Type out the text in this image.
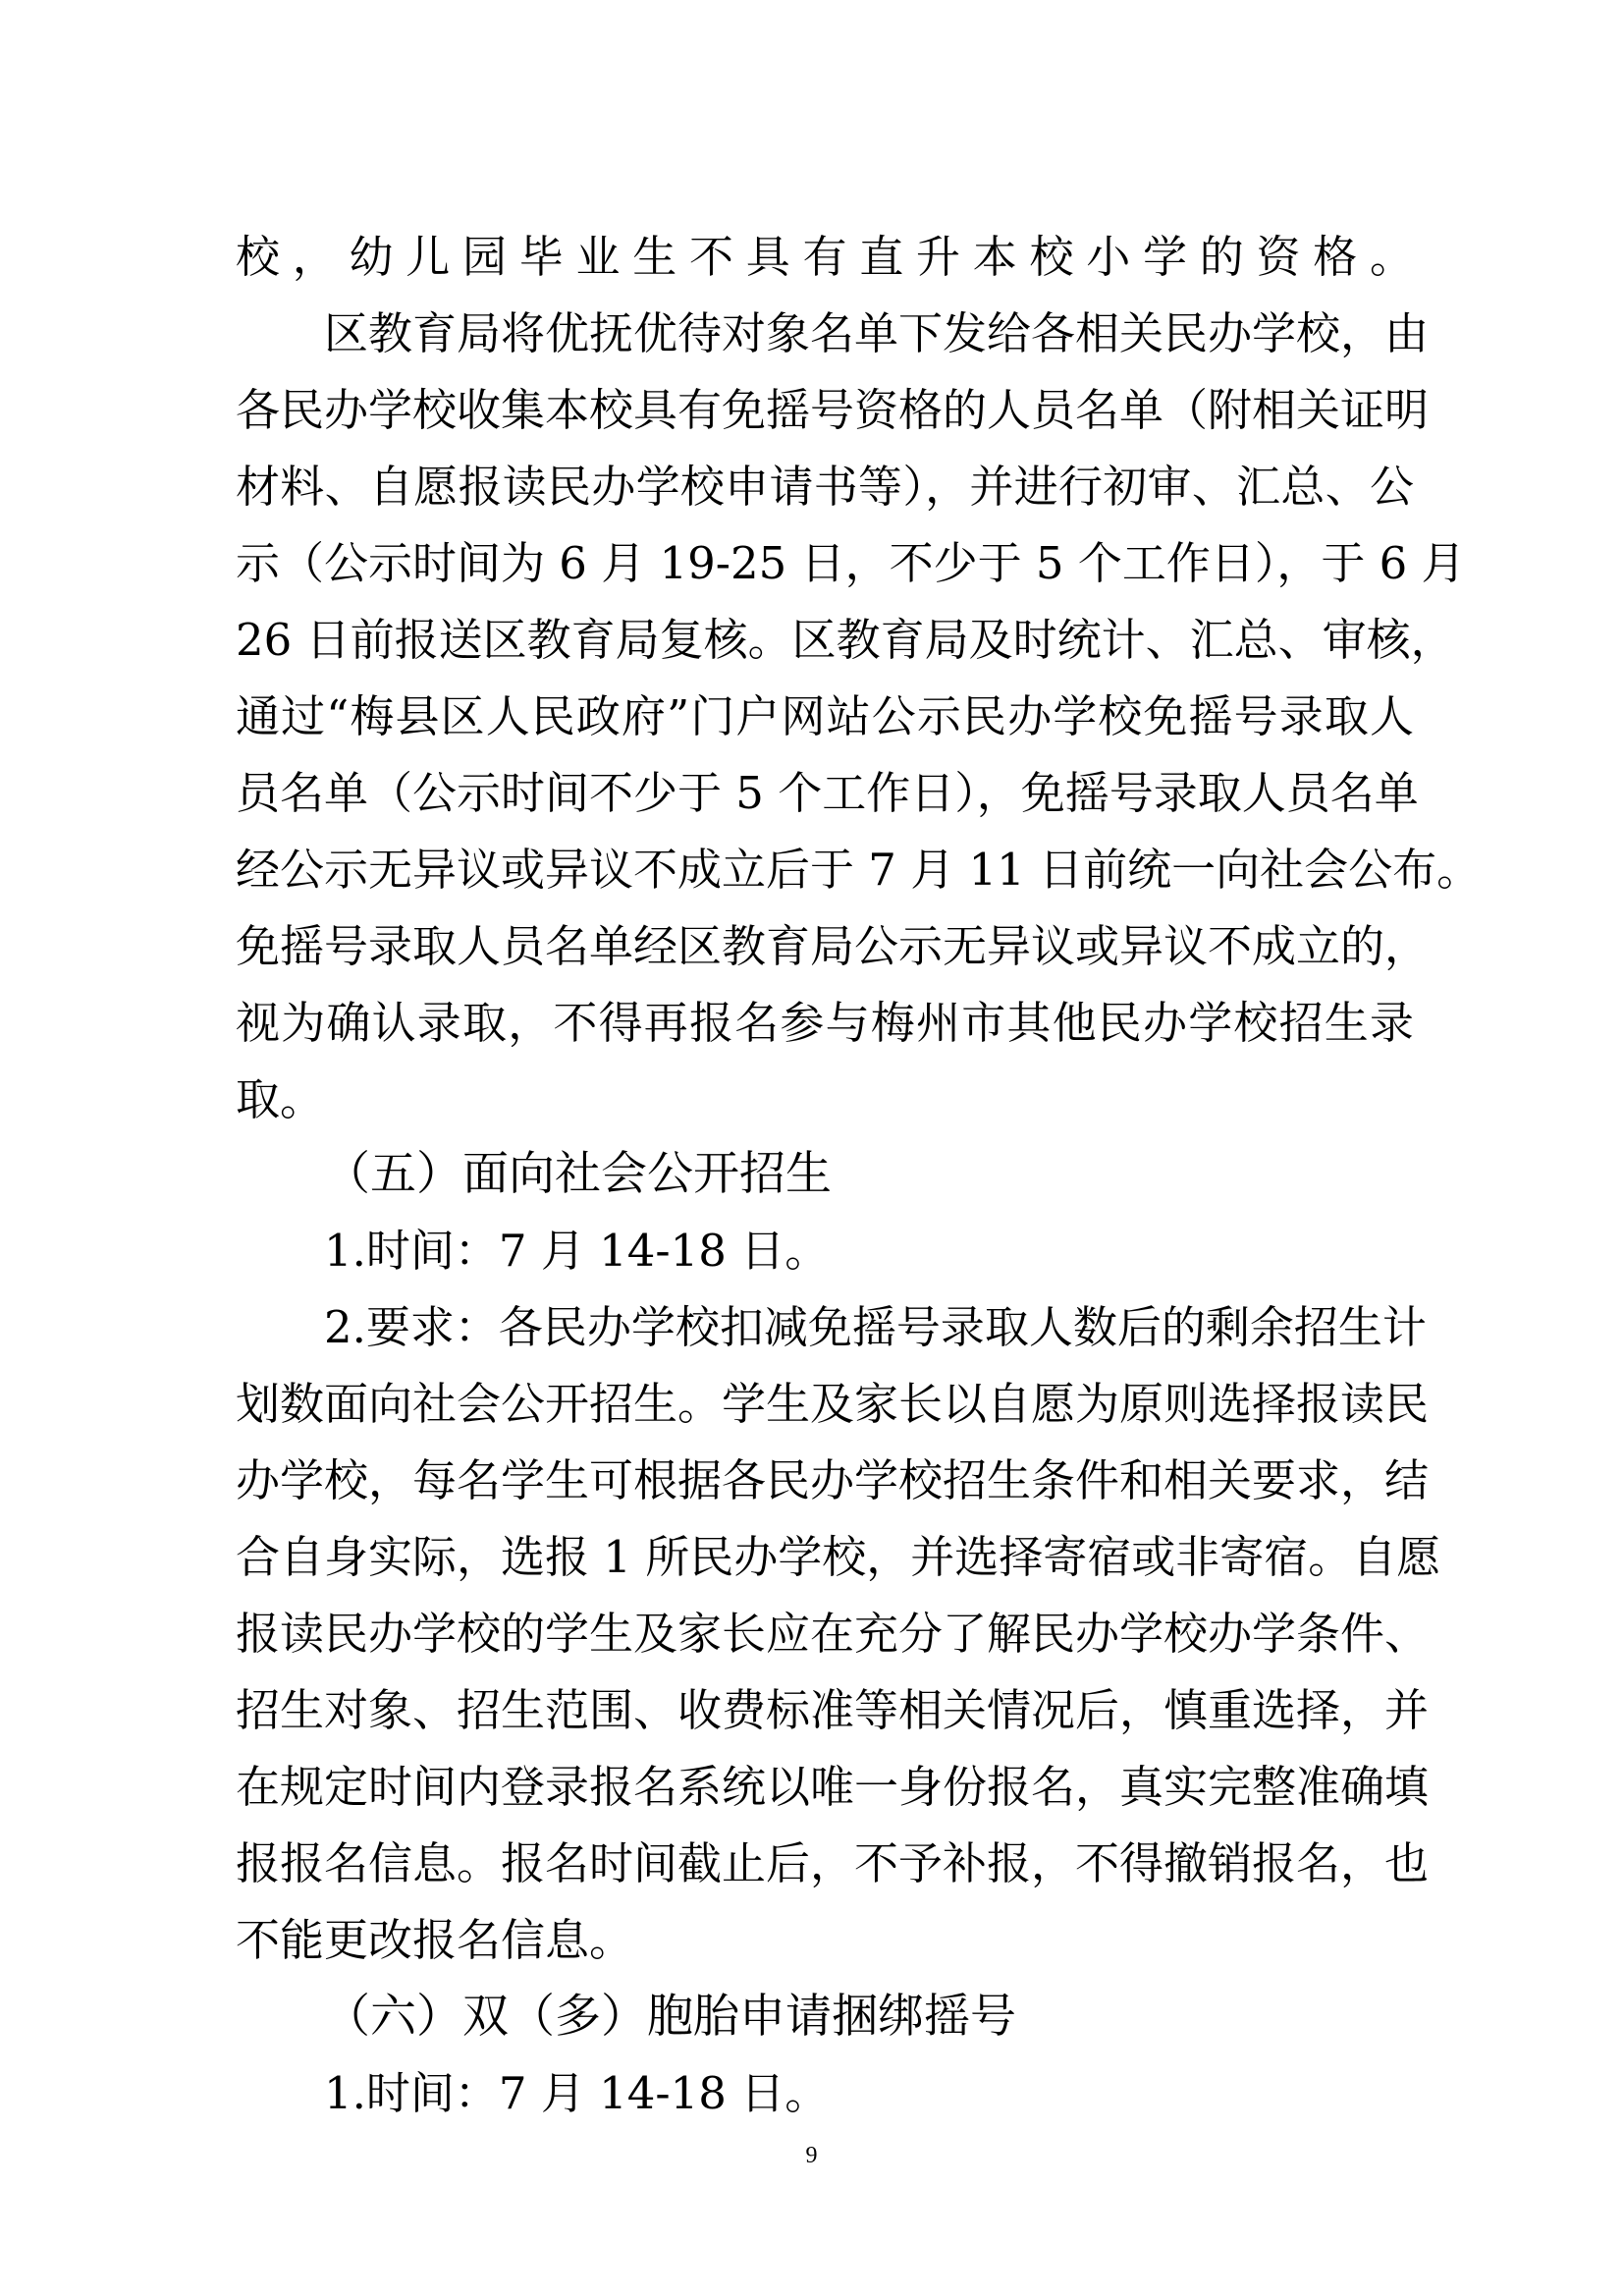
校，幼儿园毕业生不具有直升本校小学的资格。
区教育局将优抚优待对象名单下发给各相关民办学校，由
各民办学校收集本校具有免摇号资格的人员名单（附相关证明
材料、自愿报读民办学校申请书等），并进行初审、汇总、公
示（公示时间为 6 月 19-25 日，不少于 5 个工作日），于 6 月
26 日前报送区教育局复核。区教育局及时统计、汇总、审核，
通过“梅县区人民政府”门户网站公示民办学校免摇号录取人
员名单（公示时间不少于 5 个工作日），免摇号录取人员名单
经公示无异议或异议不成立后于 7 月 11 日前统一向社会公布。
免摇号录取人员名单经区教育局公示无异议或异议不成立的，
视为确认录取，不得再报名参与梅州市其他民办学校招生录
取。
（五）面向社会公开招生
1.时间：7 月 14-18 日。
2.要求：各民办学校扣减免摇号录取人数后的剩余招生计
划数面向社会公开招生。学生及家长以自愿为原则选择报读民
办学校，每名学生可根据各民办学校招生条件和相关要求，结
合自身实际，选报 1 所民办学校，并选择寄宿或非寄宿。自愿
报读民办学校的学生及家长应在充分了解民办学校办学条件、
招生对象、招生范围、收费标准等相关情况后，慎重选择，并
在规定时间内登录报名系统以唯一身份报名，真实完整准确填
报报名信息。报名时间截止后，不予补报，不得撤销报名，也
不能更改报名信息。
（六）双（多）胞胎申请捆绑摇号
1.时间：7 月 14-18 日。
9
